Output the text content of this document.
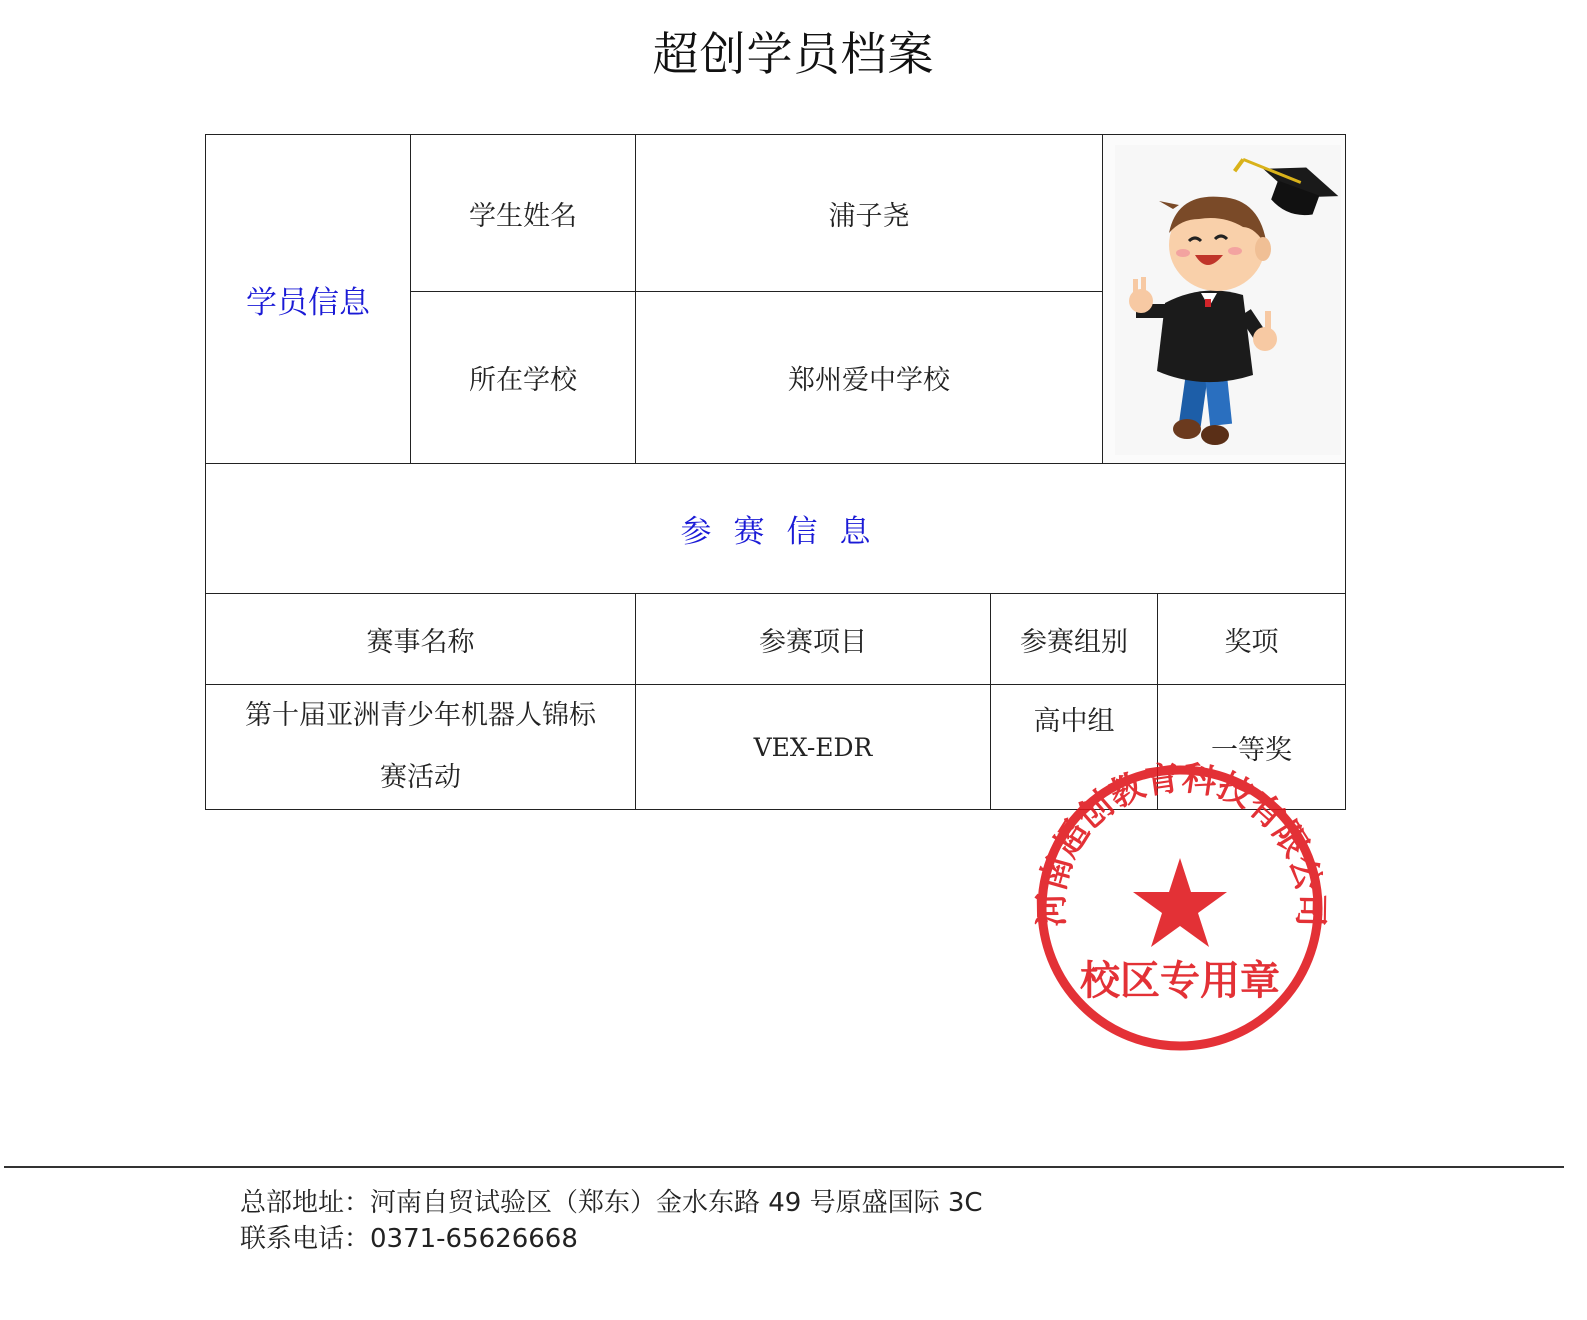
超创学员档案
学员信息	学生姓名	浦子尧	

	所在学校	郑州爱中学校			
参赛信息					
赛事名称		参赛项目	参赛组别		奖项

第十届亚洲青少年机器人锦标
赛活动		VEX-EDR	高中组		一等奖
河南超创教育科技有限公司
校区专用章
总部地址：河南自贸试验区（郑东）金水东路 49 号原盛国际 3C
联系电话：0371-65626668
